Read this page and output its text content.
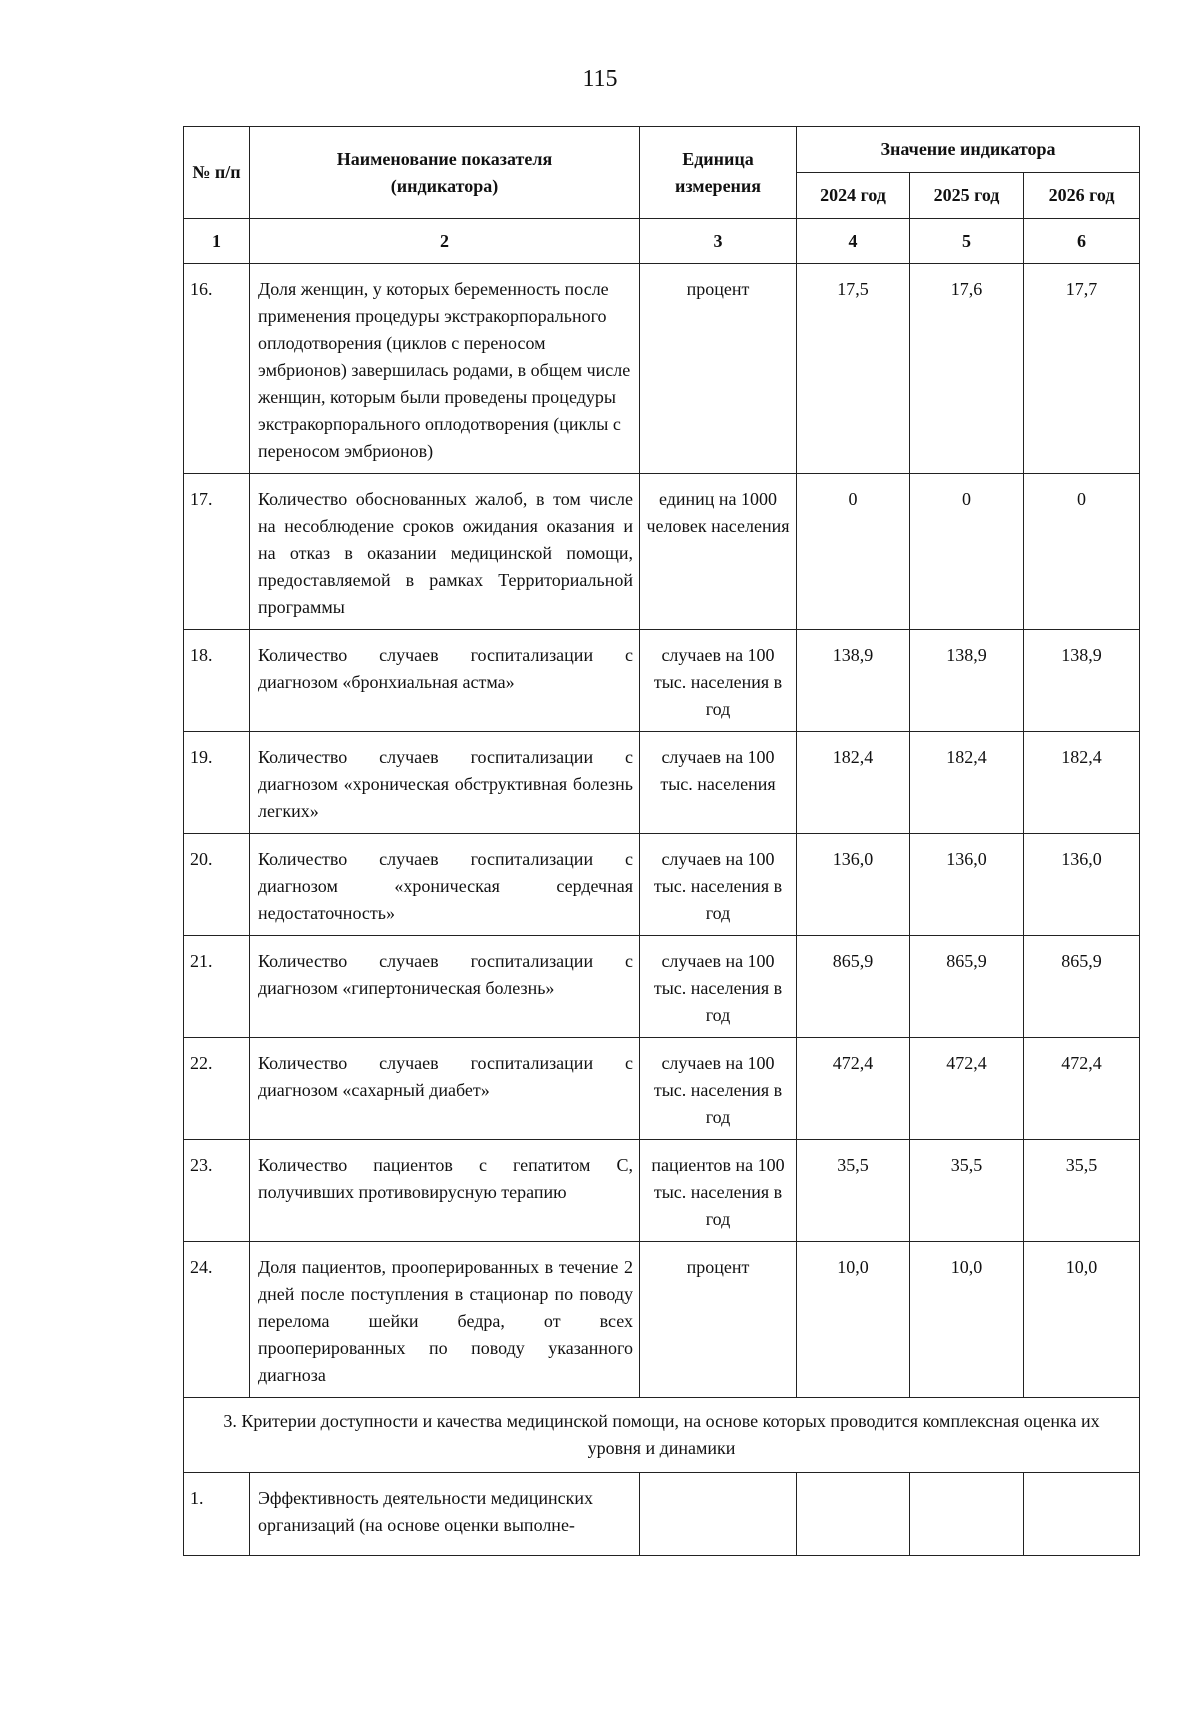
115
№ п/п	Наименование показателя (индикатора)	Единица измерения	Значение индикатора		
			2024 год	2025 год	2026 год
1	2	3	4	5	6
16.	Доля женщин, у которых беременность после применения процедуры экстракорпорального оплодотворения (циклов с переносом эмбрионов) завершилась родами, в общем числе женщин, которым были проведены процедуры экстракорпорального оплодотворения (циклы с переносом эмбрионов)	процент	17,5	17,6	17,7
17.	Количество обоснованных жалоб, в том числе на несоблюдение сроков ожидания оказания и на отказ в оказании медицинской помощи, предоставляемой в рамках Территориальной программы	единиц на 1000 человек населения	0	0	0
18.	Количество случаев госпитализации с диагнозом «бронхиальная астма»	случаев на 100 тыс. населения в год	138,9	138,9	138,9
19.	Количество случаев госпитализации с диагнозом «хроническая обструктивная болезнь легких»	случаев на 100 тыс. населения	182,4	182,4	182,4
20.	Количество случаев госпитализации с диагнозом «хроническая сердечная недостаточность»	случаев на 100 тыс. населения в год	136,0	136,0	136,0
21.	Количество случаев госпитализации с диагнозом «гипертоническая болезнь»	случаев на 100 тыс. населения в год	865,9	865,9	865,9
22.	Количество случаев госпитализации с диагнозом «сахарный диабет»	случаев на 100 тыс. населения в год	472,4	472,4	472,4
23.	Количество пациентов с гепатитом С, получивших противовирусную терапию	пациентов на 100 тыс. населения в год	35,5	35,5	35,5
24.	Доля пациентов, прооперированных в течение 2 дней после поступления в стационар по поводу перелома шейки бедра, от всех прооперированных по поводу указанного диагноза	процент	10,0	10,0	10,0
3. Критерии доступности и качества медицинской помощи, на основе которых проводится комплексная оценка их уровня и динамики					
1.	Эффективность деятельности медицинских организаций (на основе оценки выполне-				
